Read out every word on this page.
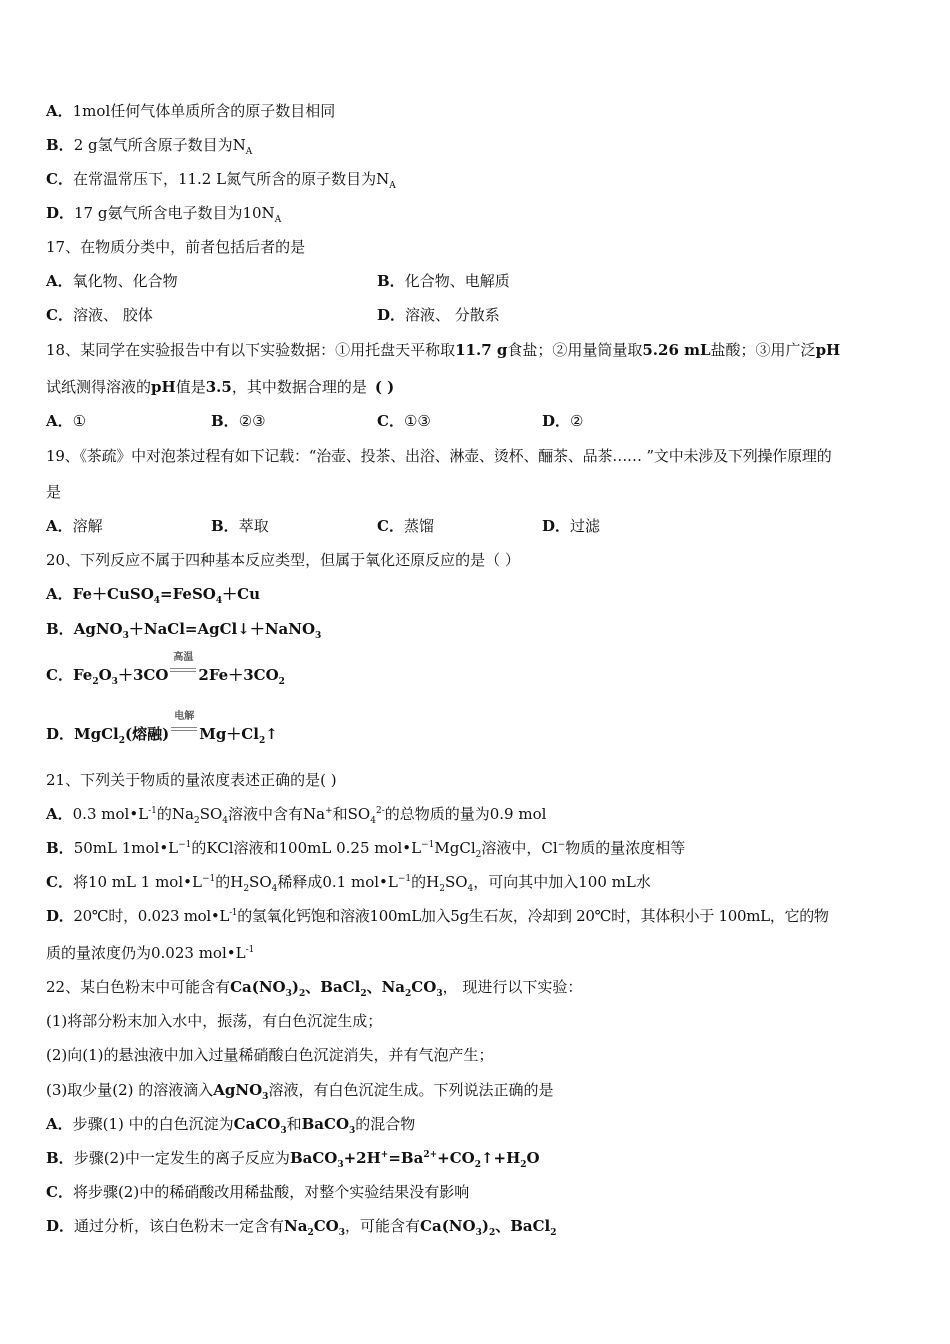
A．1mol任何气体单质所含的原子数目相同
B．2 g氢气所含原子数目为$N_A$
C．在常温常压下，11.2 L氮气所含的原子数目为$N_A$
D．17 g氨气所含电子数目为$10N_A$
17、在物质分类中，前者包括后者的是
A．氧化物、化合物	B．化合物、电解质
C．溶液、 胶体	D．溶液、 分散系
18、某同学在实验报告中有以下实验数据：①用托盘天平称取11.7 g食盐；②用量筒量取5.26 mL盐酸；③用广泛pH
试纸测得溶液的pH值是3.5，其中数据合理的是 ( )
A．①	B．②③	C．①③	D．②
19、《茶疏》中对泡茶过程有如下记载：“治壶、投茶、出浴、淋壶、烫杯、酾茶、品茶…… ”文中未涉及下列操作原理的
是
A．溶解	B．萃取	C．蒸馏	D．过滤
20、下列反应不属于四种基本反应类型，但属于氧化还原反应的是（ ）
A．Fe＋CuSO$_4$=FeSO$_4$＋Cu
B．AgNO$_3$＋NaCl=AgCl↓＋NaNO$_3$
C．$Fe_2O_3+3CO$
高温
$2Fe+3CO_2$
D．MgCl$_2$(熔融)
电解
$Mg+Cl_2↑$
21、下列关于物质的量浓度表述正确的是( )
A．0.3 $mol•L^{-1}$的$Na_2SO_4$溶液中含有Na+和$SO_4^{2-}$的总物质的量为0.9 mol
B．50mL $1mol•L^{-1}$的KCl溶液和100mL 0.25 $mol•L^{-1}MgCl_2$溶液中，Cl−物质的量浓度相等
C．将10 mL 1 $mol•L^{-1}$的$H_2SO_4$稀释成0.1 $mol•L^{-1}$的$H_2SO_4$，可向其中加入100 mL水
D．20℃时，0.023 $mol•L^{-1}$的氢氧化钙饱和溶液100mL加入5g生石灰，冷却到 20℃时，其体积小于 100mL，它的物
质的量浓度仍为0.023 $mol•L^{-1}$
22、某白色粉末中可能含有$Ca(NO_3)_2$、BaCl$_2$、$Na_2CO_3$， 现进行以下实验：
(1)将部分粉末加入水中，振荡，有白色沉淀生成；
(2)向(1)的悬浊液中加入过量稀硝酸白色沉淀消失，并有气泡产生；
(3)取少量(2) 的溶液滴入AgNO$_3$溶液，有白色沉淀生成。下列说法正确的是
A．步骤(1) 中的白色沉淀为CaCO$_3$和BaCO$_3$的混合物
B．步骤(2)中一定发生的离子反应为$BaCO_3+2H^+=Ba^{2+}+CO_2↑+H_2O$
C．将步骤(2)中的稀硝酸改用稀盐酸，对整个实验结果没有影响
D．通过分析，该白色粉末一定含有$Na_2CO_3$，可能含有$Ca(NO_3)_2$、BaCl$_2$
